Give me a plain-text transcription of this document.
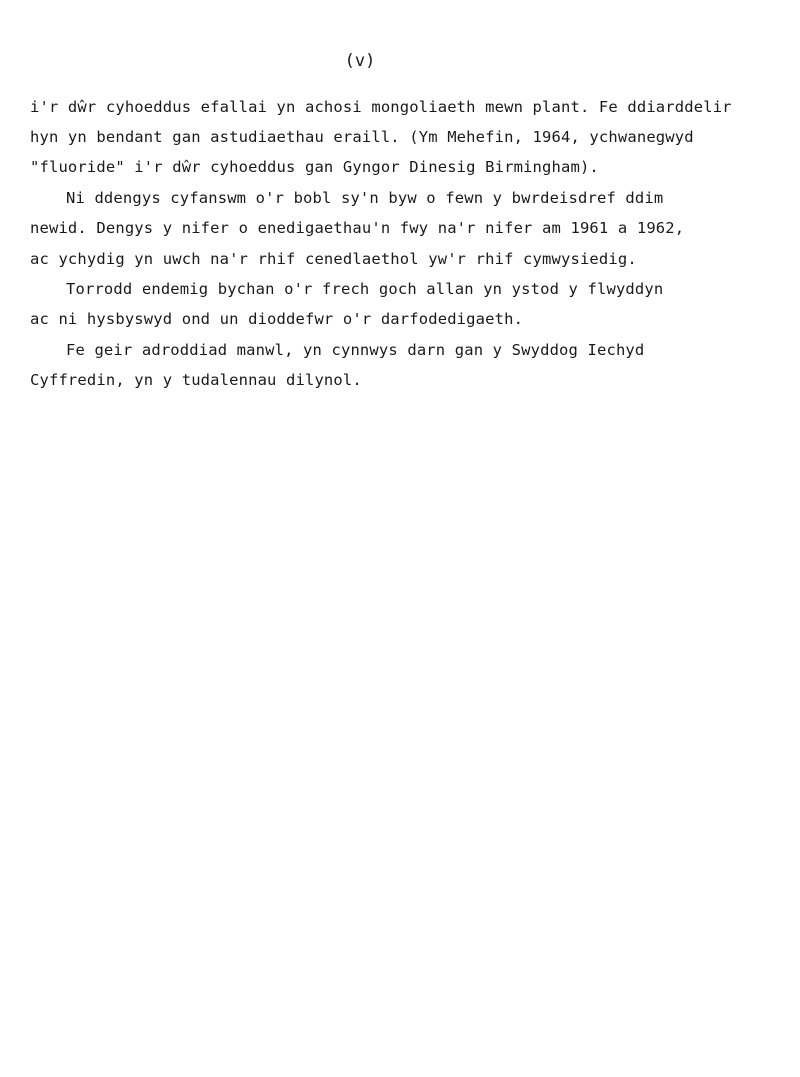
(v)
i'r dŵr cyhoeddus efallai yn achosi mongoliaeth mewn plant. Fe ddiarddelir
hyn yn bendant gan astudiaethau eraill. (Ym Mehefin, 1964, ychwanegwyd
"fluoride" i'r dŵr cyhoeddus gan Gyngor Dinesig Birmingham).
Ni ddengys cyfanswm o'r bobl sy'n byw o fewn y bwrdeisdref ddim
newid. Dengys y nifer o enedigaethau'n fwy na'r nifer am 1961 a 1962,
ac ychydig yn uwch na'r rhif cenedlaethol yw'r rhif cymwysiedig.
Torrodd endemig bychan o'r frech goch allan yn ystod y flwyddyn
ac ni hysbyswyd ond un dioddefwr o'r darfodedigaeth.
Fe geir adroddiad manwl, yn cynnwys darn gan y Swyddog Iechyd
Cyffredin, yn y tudalennau dilynol.
